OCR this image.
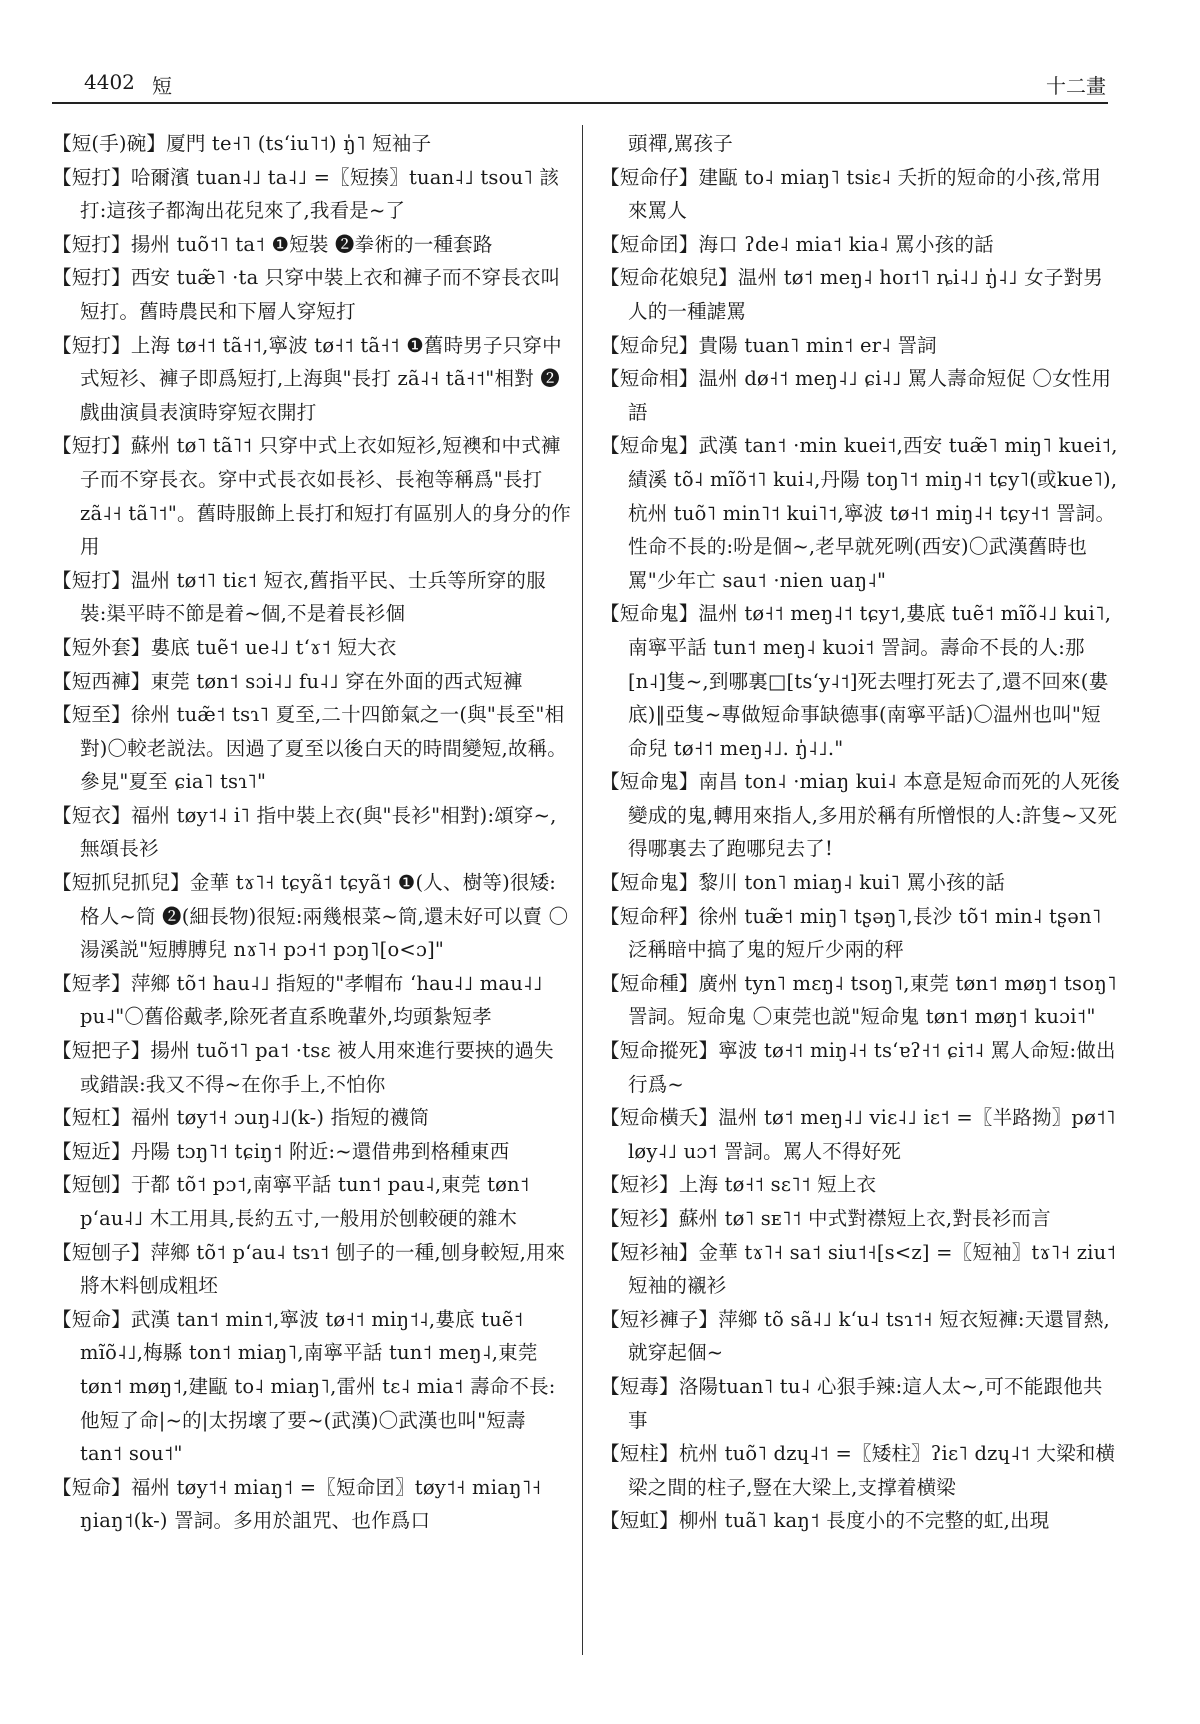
4402 短	十二畫
【短(手)碗】厦門 te˧˥ (tsʻiu˥˦) ŋ̍˥ 短袖子
【短打】哈爾濱 tuan˨˩ ta˨˩ =〖短揍〗tuan˨˩ tsou˥ 該打:這孩子都淘出花兒來了,我看是~了
【短打】揚州 tuõ˦˥ ta˦ ❶短裝 ❷拳術的一種套路
【短打】西安 tuæ̃˥ ·ta 只穿中裝上衣和褲子而不穿長衣叫短打。舊時農民和下層人穿短打
【短打】上海 tø˧˦ tã˧˦,寧波 tø˧˦ tã˧˦ ❶舊時男子只穿中式短衫、褲子即爲短打,上海與"長打 zã˨˧ tã˧˦"相對 ❷戲曲演員表演時穿短衣開打
【短打】蘇州 tø˥ tã˥˦ 只穿中式上衣如短衫,短襖和中式褲子而不穿長衣。穿中式長衣如長衫、長袍等稱爲"長打 zã˨˧ tã˥˦"。舊時服飾上長打和短打有區别人的身分的作用
【短打】温州 tø˦˥ tiɛ˦ 短衣,舊指平民、士兵等所穿的服裝:渠平時不節是着~個,不是着長衫個
【短外套】婁底 tuẽ˦ ue˨˩ tʻɤ˦ 短大衣
【短西褲】東莞 tøn˦ sɔi˨˩ fu˨˩ 穿在外面的西式短褲
【短至】徐州 tuæ̃˦ tsɿ˥ 夏至,二十四節氣之一(與"長至"相對)〇較老説法。因過了夏至以後白天的時間變短,故稱。參見"夏至 ɕia˥ tsɿ˥"
【短衣】福州 tøy˦˨ i˥ 指中裝上衣(與"長衫"相對):頌穿~,無頌長衫
【短抓兒抓兒】金華 tɤ˥˧ tɕyã˦ tɕyã˦ ❶(人、樹等)很矮:格人~筒 ❷(細長物)很短:兩幾根菜~筒,還未好可以賣 〇湯溪説"短膊膊兒 nɤ˥˧ pɔ˧˦ pɔŋ˥[o<ɔ]"
【短孝】萍鄉 tõ˦ hau˨˩ 指短的"孝帽布 ʻhau˨˩ mau˨˩ pu˨"〇舊俗戴孝,除死者直系晚輩外,均頭紮短孝
【短把子】揚州 tuõ˦˥ pa˦ ·tsɛ 被人用來進行要挾的過失或錯誤:我又不得~在你手上,不怕你
【短杠】福州 tøy˦˧ ɔuŋ˨˩(k-) 指短的襪筒
【短近】丹陽 tɔŋ˥˦ tɕiŋ˦ 附近:~還借弗到格種東西
【短刨】于都 tõ˦ pɔ˦,南寧平話 tun˦ pau˨,東莞 tøn˦ pʻau˨˩ 木工用具,長約五寸,一般用於刨較硬的雜木
【短刨子】萍鄉 tõ˦ pʻau˨ tsɿ˦ 刨子的一種,刨身較短,用來將木料刨成粗坯
【短命】武漢 tan˦ min˦,寧波 tø˧˦ miŋ˦˨,婁底 tuẽ˦ mĩõ˨˩,梅縣 ton˦ miaŋ˥,南寧平話 tun˦ meŋ˨,東莞 tøn˦ møŋ˦,建甌 to˨ miaŋ˥,雷州 tɛ˨ mia˦ 壽命不長:他短了命|~的|太拐壞了要~(武漢)〇武漢也叫"短壽 tan˦ sou˦"
【短命】福州 tøy˦˧ miaŋ˦ =〖短命囝〗tøy˦˧ miaŋ˥˧ ŋiaŋ˦(k-) 詈詞。多用於詛咒、也作爲口
頭禪,駡孩子
【短命仔】建甌 to˨ miaŋ˥ tsiɛ˨ 夭折的短命的小孩,常用來罵人
【短命囝】海口 ʔde˨ mia˦ kia˨ 罵小孩的話
【短命花娘兒】温州 tø˦ meŋ˨ hoɪ˦˥ ȵi˨˩ ŋ̍˨˩ 女子對男人的一種謔罵
【短命兒】貴陽 tuan˥ min˦ er˨ 詈詞
【短命相】温州 dø˧˦ meŋ˨˩ ɕi˨˩ 罵人壽命短促 〇女性用語
【短命鬼】武漢 tan˦ ·min kuei˦,西安 tuæ̃˥ miŋ˥ kuei˦,績溪 tõ˨ mĩõ˦˥ kui˨,丹陽 toŋ˥˦ miŋ˨˦ tɕy˥(或kue˥),杭州 tuõ˥ min˥˦ kui˥˦,寧波 tø˧˦ miŋ˨˧ tɕy˧˦ 詈詞。性命不長的:吩是個~,老早就死咧(西安)〇武漢舊時也罵"少年亡 sau˦ ·nien uaŋ˨"
【短命鬼】温州 tø˧˦ meŋ˨˦ tɕy˦,婁底 tuẽ˦ mĩõ˨˩ kui˥,南寧平話 tun˦ meŋ˨ kuɔi˦ 詈詞。壽命不長的人:那[n˨]隻~,到哪裏□[tsʻy˨˦]死去哩打死去了,還不回來(婁底)‖亞隻~專做短命事缺德事(南寧平話)〇温州也叫"短命兒 tø˧˦ meŋ˨˩. ŋ̍˨˩."
【短命鬼】南昌 ton˨ ·miaŋ kui˨ 本意是短命而死的人死後變成的鬼,轉用來指人,多用於稱有所憎恨的人:許隻~又死得哪裏去了跑哪兒去了!
【短命鬼】黎川 ton˥ miaŋ˨ kui˥ 罵小孩的話
【短命秤】徐州 tuæ̃˦ miŋ˥ tʂəŋ˥,長沙 tõ˦ min˨ tʂən˥ 泛稱暗中搞了鬼的短斤少兩的秤
【短命種】廣州 tyn˥ mɛŋ˨ tsoŋ˥,東莞 tøn˦ møŋ˦ tsoŋ˥ 詈詞。短命鬼 〇東莞也説"短命鬼 tøn˦ møŋ˦ kuɔi˦"
【短命摐死】寧波 tø˧˦ miŋ˨˧ tsʻɐʔ˧˦ ɕi˦˨ 罵人命短:做出行爲~
【短命橫夭】温州 tø˦ meŋ˨˩ viɛ˨˩ iɛ˦ =〖半路拗〗pø˦˥ løy˨˩ uɔ˦ 詈詞。罵人不得好死
【短衫】上海 tø˧˦ sɛ˥˦ 短上衣
【短衫】蘇州 tø˥ sᴇ˥˦ 中式對襟短上衣,對長衫而言
【短衫袖】金華 tɤ˥˧ sa˦ siu˦˧[s<z] =〖短袖〗tɤ˥˧ ziu˦ 短袖的襯衫
【短衫褲子】萍鄉 tõ sã˨˩ kʻu˨ tsɿ˦˧ 短衣短褲:天還冒熱,就穿起個~
【短毒】洛陽tuan˥ tu˨ 心狠手辣:這人太~,可不能跟他共事
【短柱】杭州 tuõ˥ dzɥ˨˦ =〖矮柱〗ʔiɛ˥ dzɥ˨˦ 大梁和横梁之間的柱子,豎在大梁上,支撑着横梁
【短虹】柳州 tuã˥ kaŋ˦ 長度小的不完整的虹,出現
